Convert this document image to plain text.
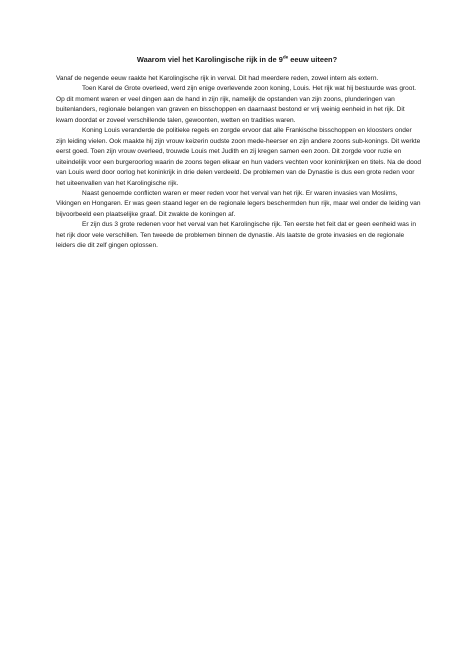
Waarom viel het Karolingische rijk in de 9de eeuw uiteen?

Vanaf de negende eeuw raakte het Karolingische rijk in verval. Dit had meerdere reden, zowel intern als extern.

Toen Karel de Grote overleed, werd zijn enige overlevende zoon koning, Louis. Het rijk wat hij bestuurde was groot. Op dit moment waren er veel dingen aan de hand in zijn rijk, namelijk de opstanden van zijn zoons, plunderingen van buitenlanders, regionale belangen van graven en bisschoppen en daarnaast bestond er vrij weinig eenheid in het rijk. Dit kwam doordat er zoveel verschillende talen, gewoonten, wetten en tradities waren.

Koning Louis veranderde de politieke regels en zorgde ervoor dat alle Frankische bisschoppen en kloosters onder zijn leiding vielen. Ook maakte hij zijn vrouw keizerin oudste zoon mede-heerser en zijn andere zoons sub-konings. Dit werkte eerst goed. Toen zijn vrouw overleed, trouwde Louis met Judith en zij kregen samen een zoon. Dit zorgde voor ruzie en uiteindelijk voor een burgeroorlog waarin de zoons tegen elkaar en hun vaders vechten voor koninkrijken en titels. Na de dood van Louis werd door oorlog het koninkrijk in drie delen verdeeld. De problemen van de Dynastie is dus een grote reden voor het uiteenvallen van het Karolingische rijk.

Naast genoemde conflicten waren er meer reden voor het verval van het rijk. Er waren invasies van Moslims, Vikingen en Hongaren. Er was geen staand leger en de regionale legers beschermden hun rijk, maar wel onder de leiding van bijvoorbeeld een plaatselijke graaf. Dit zwakte de koningen af.

Er zijn dus 3 grote redenen voor het verval van het Karolingische rijk. Ten eerste het feit dat er geen eenheid was in het rijk door vele verschillen. Ten tweede de problemen binnen de dynastie. Als laatste de grote invasies en de regionale leiders die dit zelf gingen oplossen.
